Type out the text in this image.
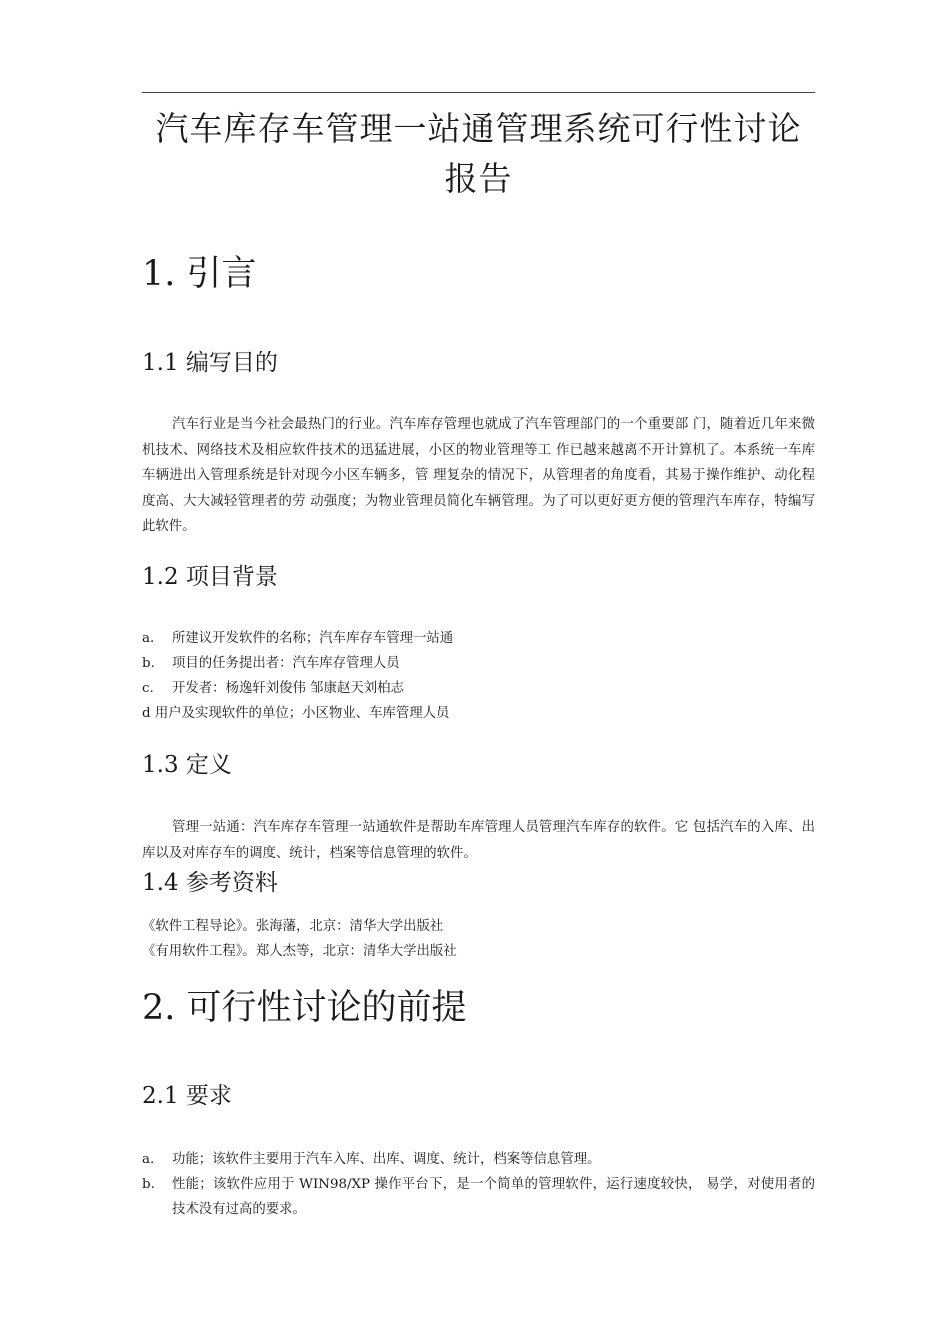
汽车库存车管理一站通管理系统可行性讨论
报告
1. 引言
1.1 编写目的

汽车行业是当今社会最热门的行业。汽车库存管理也就成了汽车管理部门的一个重要部 门，随着近几年来微机技术、网络技术及相应软件技术的迅猛进展，小区的物业管理等工 作已越来越离不开计算机了。本系统一车库车辆进出入管理系统是针对现今小区车辆多，管 理复杂的情况下，从管理者的角度看，其易于操作维护、动化程度高、大大减轻管理者的劳 动强度；为物业管理员简化车辆管理。为了可以更好更方便的管理汽车库存，特编写此软件。

1.2 项目背景
a. 所建议开发软件的名称；汽车库存车管理一站通
b. 项目的任务提出者：汽车库存管理人员
c. 开发者：杨逸轩刘俊伟 邹康赵天刘柏志
d 用户及实现软件的单位；小区物业、车库管理人员
1.3 定义

管理一站通：汽车库存车管理一站通软件是帮助车库管理人员管理汽车库存的软件。它 包括汽车的入库、出库以及对库存车的调度、统计，档案等信息管理的软件。

1.4 参考资料
《软件工程导论》。张海藩，北京：清华大学出版社
《有用软件工程》。郑人杰等，北京：清华大学出版社
2. 可行性讨论的前提
2.1 要求
a. 功能；该软件主要用于汽车入库、出库、调度、统计，档案等信息管理。
b. 性能；该软件应用于 WIN98/XP 操作平台下，是一个简单的管理软件，运行速度较快， 易学，对使用者的技术没有过高的要求。
